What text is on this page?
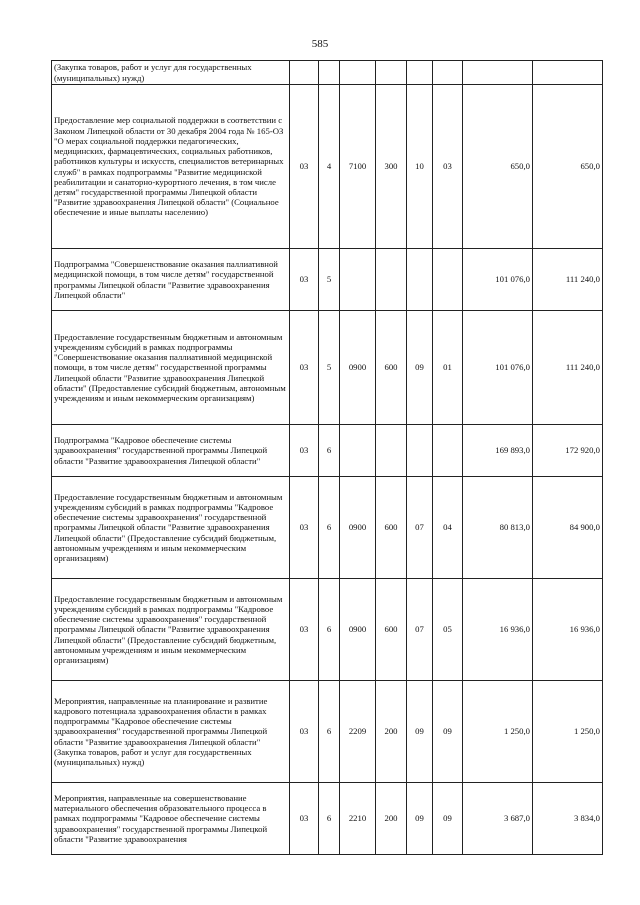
585
(Закупка товаров, работ и услуг для государственных (муниципальных) нужд)								
Предоставление мер социальной поддержки в соответствии с Законом Липецкой области от 30 декабря 2004 года № 165-ОЗ "О мерах социальной поддержки педагогических, медицинских, фармацевтических, социальных работников, работников культуры и искусств, специалистов ветеринарных служб" в рамках подпрограммы "Развитие медицинской реабилитации и санаторно-курортного лечения, в том числе детям" государственной программы Липецкой области "Развитие здравоохранения Липецкой области" (Социальное обеспечение и иные выплаты населению)	03	4	7100	300	10	03	650,0	650,0
Подпрограмма "Совершенствование оказания паллиативной медицинской помощи, в том числе детям" государственной программы Липецкой области "Развитие здравоохранения Липецкой области"	03	5					101 076,0	111 240,0
Предоставление государственным бюджетным и автономным учреждениям субсидий в рамках подпрограммы "Совершенствование оказания паллиативной медицинской помощи, в том числе детям" государственной программы Липецкой области "Развитие здравоохранения Липецкой области" (Предоставление субсидий бюджетным, автономным учреждениям и иным некоммерческим организациям)	03	5	0900	600	09	01	101 076,0	111 240,0
Подпрограмма "Кадровое обеспечение системы здравоохранения" государственной программы Липецкой области "Развитие здравоохранения Липецкой области"	03	6					169 893,0	172 920,0
Предоставление государственным бюджетным и автономным учреждениям субсидий в рамках подпрограммы "Кадровое обеспечение системы здравоохранения" государственной программы Липецкой области "Развитие здравоохранения Липецкой области" (Предоставление субсидий бюджетным, автономным учреждениям и иным некоммерческим организациям)	03	6	0900	600	07	04	80 813,0	84 900,0
Предоставление государственным бюджетным и автономным учреждениям субсидий в рамках подпрограммы "Кадровое обеспечение системы здравоохранения" государственной программы Липецкой области "Развитие здравоохранения Липецкой области" (Предоставление субсидий бюджетным, автономным учреждениям и иным некоммерческим организациям)	03	6	0900	600	07	05	16 936,0	16 936,0
Мероприятия, направленные на планирование и развитие кадрового потенциала здравоохранения области в рамках подпрограммы "Кадровое обеспечение системы здравоохранения" государственной программы Липецкой области "Развитие здравоохранения Липецкой области" (Закупка товаров, работ и услуг для государственных (муниципальных) нужд)	03	6	2209	200	09	09	1 250,0	1 250,0
Мероприятия, направленные на совершенствование материального обеспечения образовательного процесса в рамках подпрограммы "Кадровое обеспечение системы здравоохранения" государственной программы Липецкой области "Развитие здравоохранения	03	6	2210	200	09	09	3 687,0	3 834,0
